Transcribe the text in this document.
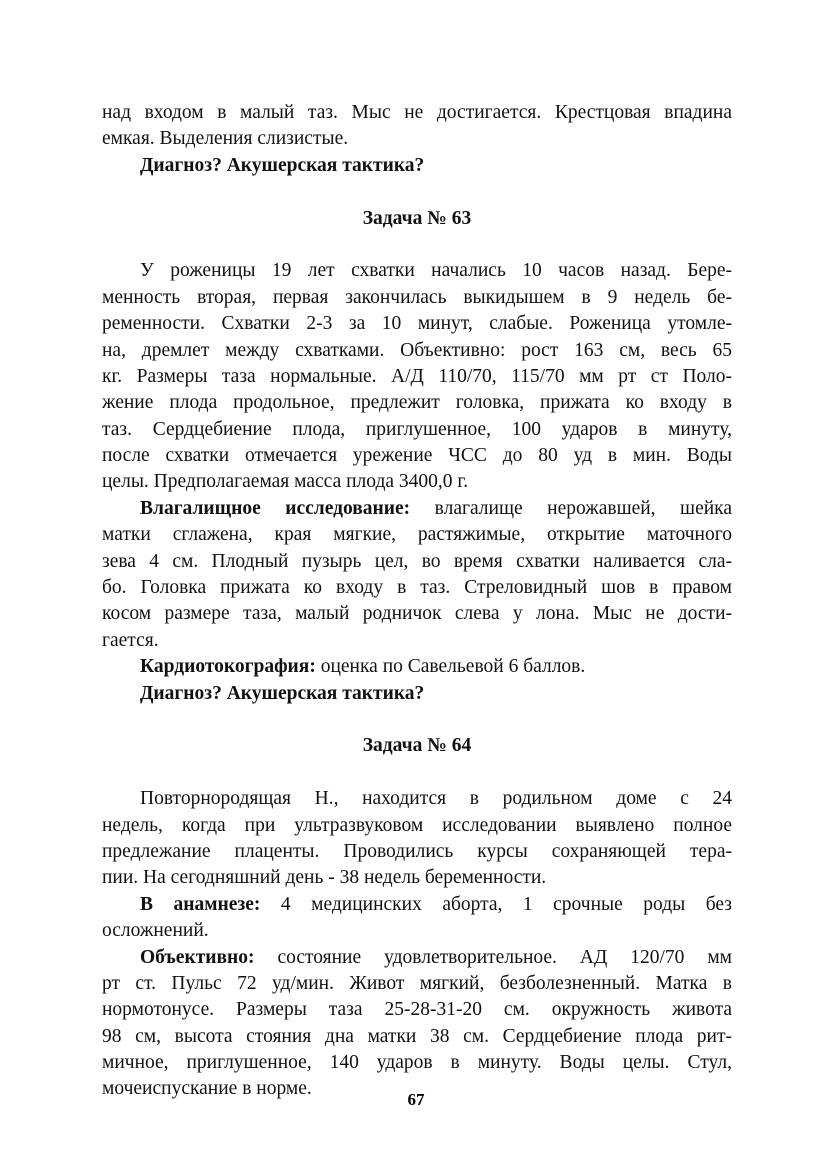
над входом в малый таз. Мыс не достигается. Крестцовая впадина
емкая. Выделения слизистые.
Диагноз? Акушерская тактика?
Задача № 63
У роженицы 19 лет схватки начались 10 часов назад. Бере-
менность вторая, первая закончилась выкидышем в 9 недель бе-
ременности. Схватки 2-3 за 10 минут, слабые. Роженица утомле-
на, дремлет между схватками. Объективно: рост 163 см, весь 65
кг. Размеры таза нормальные. А/Д 110/70, 115/70 мм рт ст Поло-
жение плода продольное, предлежит головка, прижата ко входу в
таз. Сердцебиение плода, приглушенное, 100 ударов в минуту,
после схватки отмечается урежение ЧСС до 80 уд в мин. Воды
целы. Предполагаемая масса плода 3400,0 г.
Влагалищное исследование: влагалище нерожавшей, шейка
матки сглажена, края мягкие, растяжимые, открытие маточного
зева 4 см. Плодный пузырь цел, во время схватки наливается сла-
бо. Головка прижата ко входу в таз. Стреловидный шов в правом
косом размере таза, малый родничок слева у лона. Мыс не дости-
гается.
Кардиотокография: оценка по Савельевой 6 баллов.
Диагноз? Акушерская тактика?
Задача № 64
Повторнородящая Н., находится в родильном доме с 24
недель, когда при ультразвуковом исследовании выявлено полное
предлежание плаценты. Проводились курсы сохраняющей тера-
пии. На сегодняшний день - 38 недель беременности.
В анамнезе: 4 медицинских аборта, 1 срочные роды без
осложнений.
Объективно: состояние удовлетворительное. АД 120/70 мм
рт ст. Пульс 72 уд/мин. Живот мягкий, безболезненный. Матка в
нормотонусе. Размеры таза 25-28-31-20 см. окружность живота
98 см, высота стояния дна матки 38 см. Сердцебиение плода рит-
мичное, приглушенное, 140 ударов в минуту. Воды целы. Стул,
мочеиспускание в норме.
67
